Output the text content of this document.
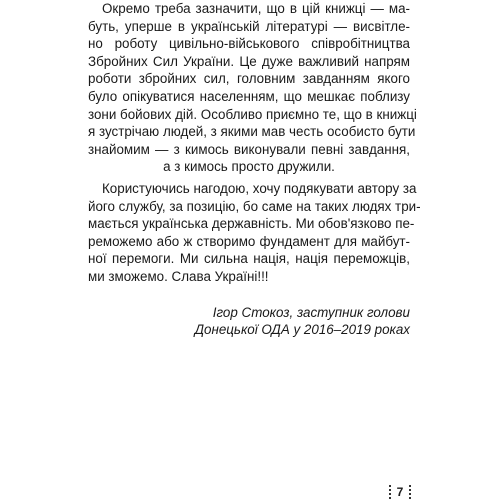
Окремо треба зазначити, що в цій книжці — ма-
буть, уперше в українській літературі — висвітле-
но роботу цивільно-військового співробітництва
Збройних Сил України. Це дуже важливий напрям
роботи збройних сил, головним завданням якого
було опікуватися населенням, що мешкає поблизу
зони бойових дій. Особливо приємно те, що в книжці
я зустрічаю людей, з якими мав честь особисто бути
знайомим — з кимось виконували певні завдання,
а з кимось просто дружили.
Користуючись нагодою, хочу подякувати автору за
його службу, за позицію, бо саме на таких людях три-
мається українська державність. Ми обов'язково пе-
реможемо або ж створимо фундамент для майбут-
ної перемоги. Ми сильна нація, нація переможців,
ми зможемо. Слава Україні!!!
Ігор Стокоз, заступник голови
Донецької ОДА у 2016–2019 роках
7
